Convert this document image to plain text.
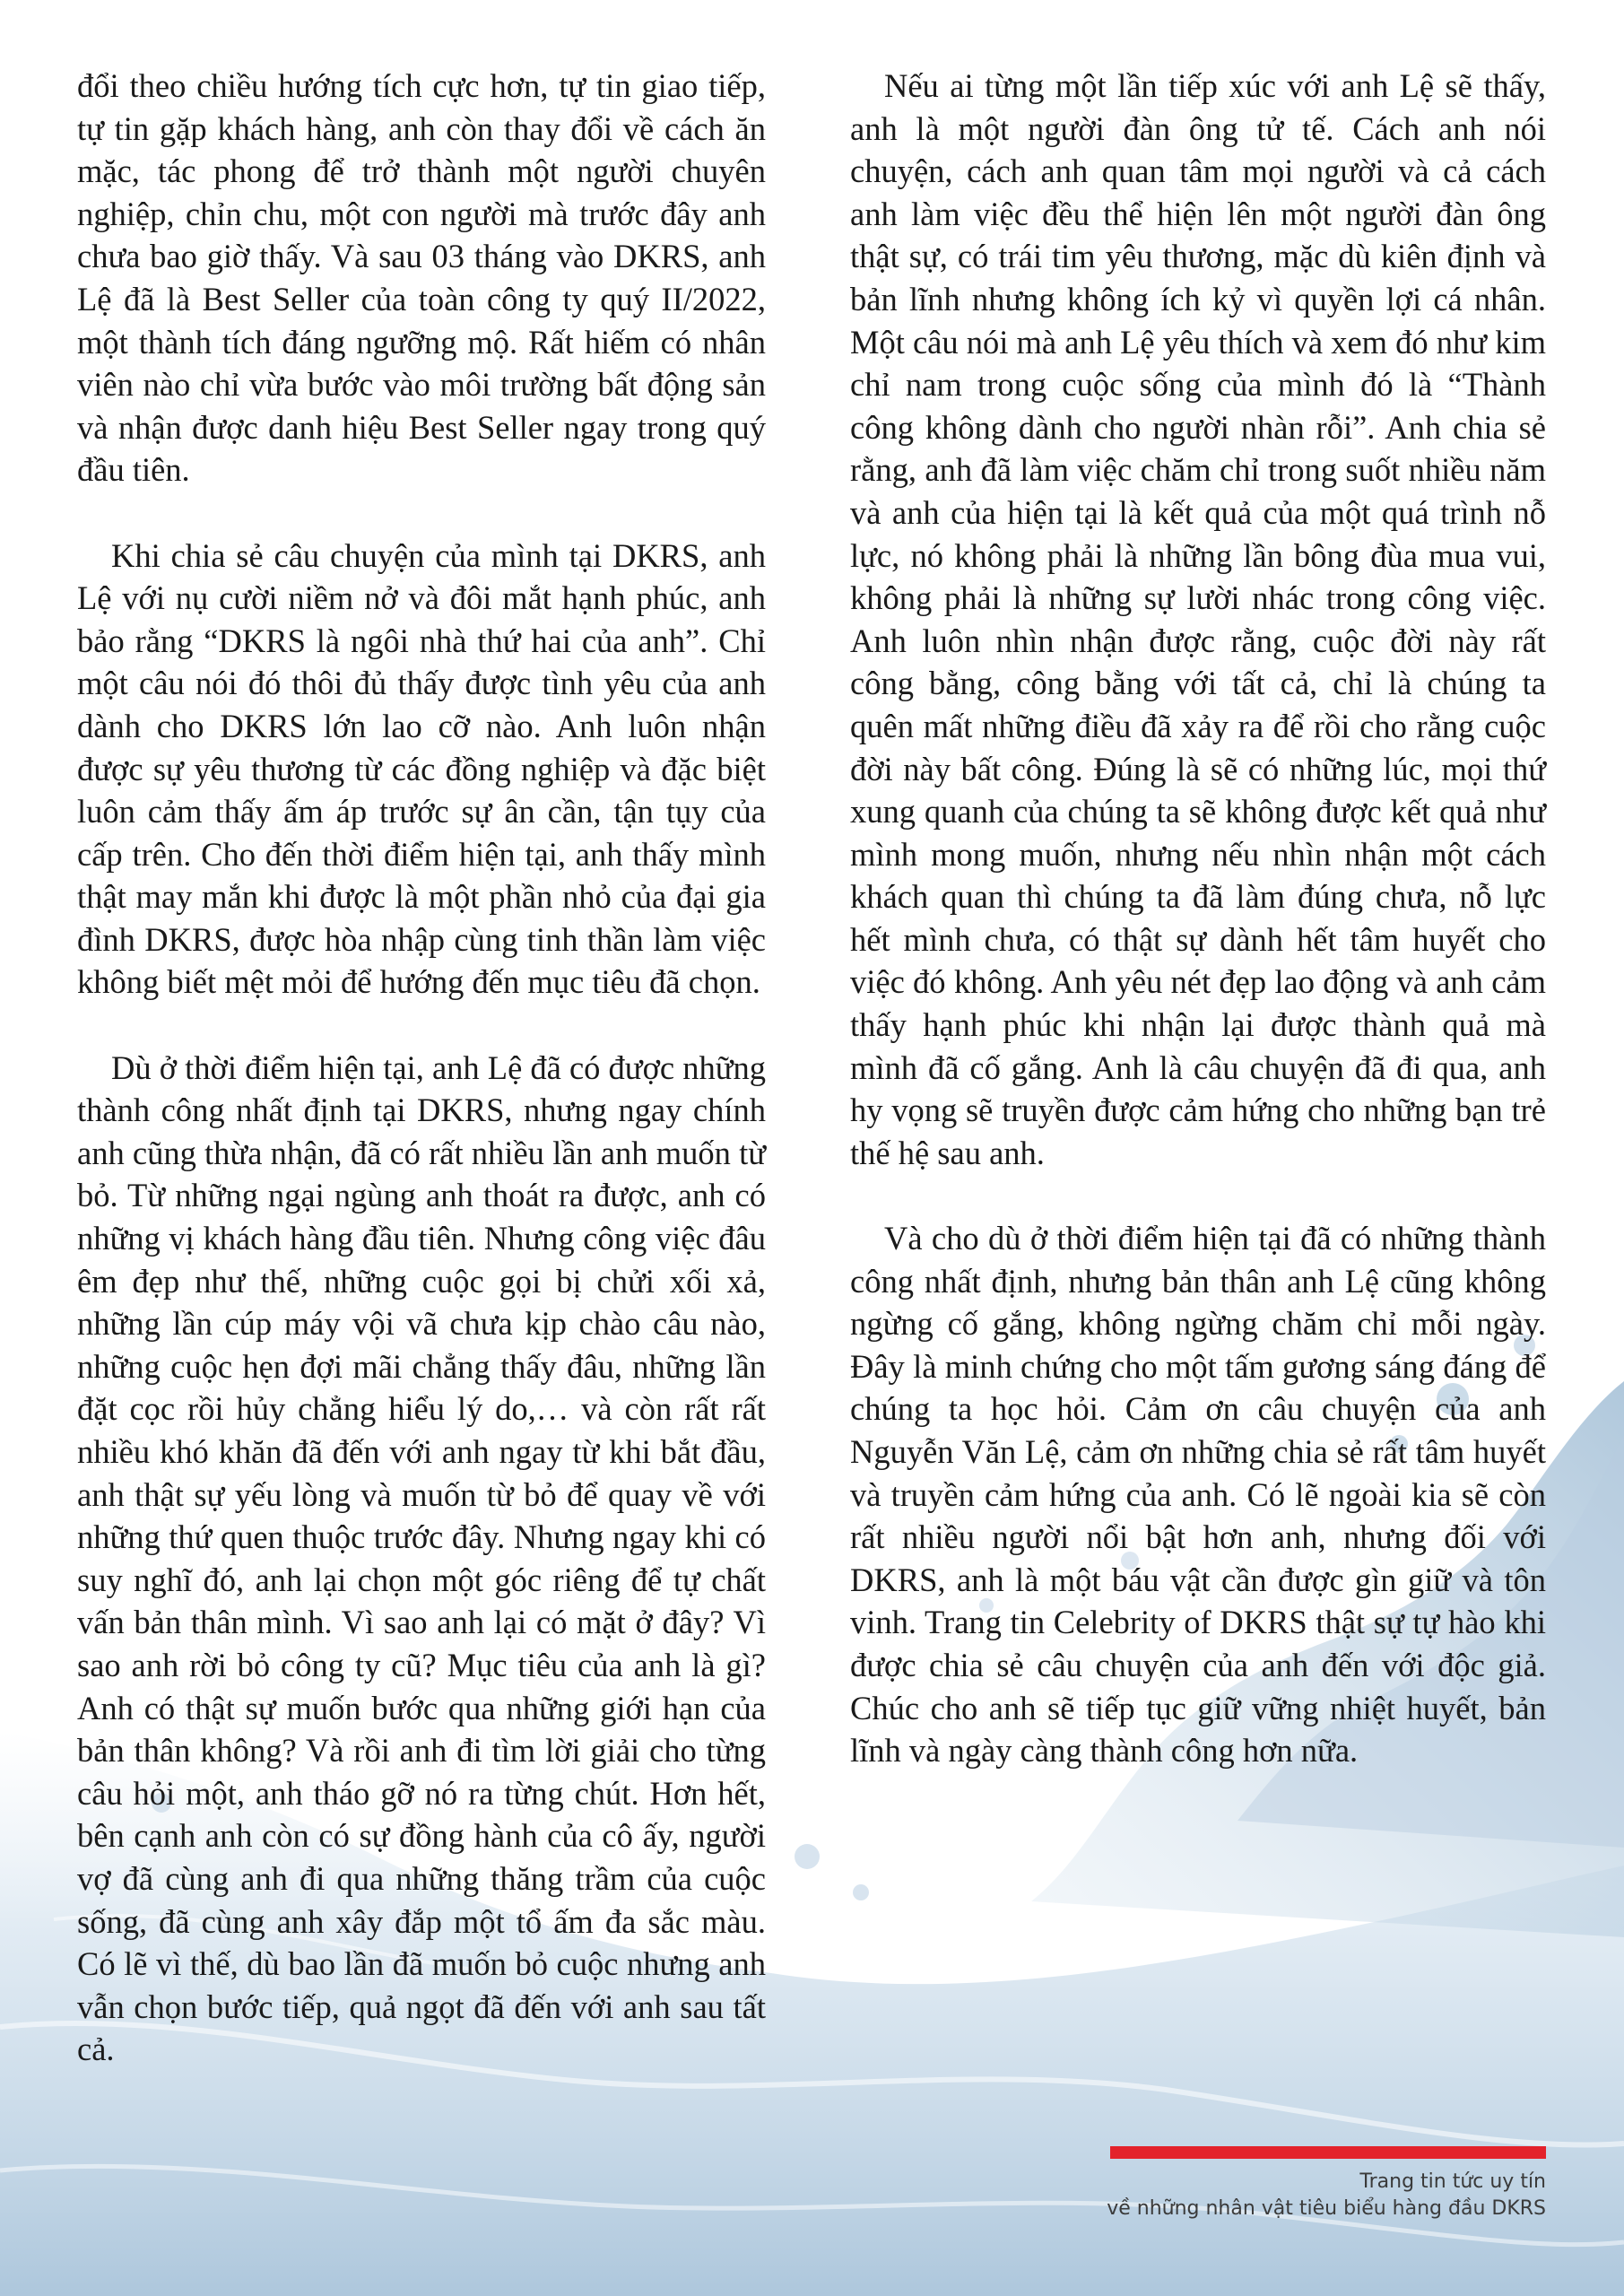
đổi theo chiều hướng tích cực hơn, tự tin giao tiếp, tự tin gặp khách hàng, anh còn thay đổi về cách ăn mặc, tác phong để trở thành một người chuyên nghiệp, chỉn chu, một con người mà trước đây anh chưa bao giờ thấy. Và sau 03 tháng vào DKRS, anh Lệ đã là Best Seller của toàn công ty quý II/2022, một thành tích đáng ngưỡng mộ. Rất hiếm có nhân viên nào chỉ vừa bước vào môi trường bất động sản và nhận được danh hiệu Best Seller ngay trong quý đầu tiên.

Khi chia sẻ câu chuyện của mình tại DKRS, anh Lệ với nụ cười niềm nở và đôi mắt hạnh phúc, anh bảo rằng “DKRS là ngôi nhà thứ hai của anh”. Chỉ một câu nói đó thôi đủ thấy được tình yêu của anh dành cho DKRS lớn lao cỡ nào. Anh luôn nhận được sự yêu thương từ các đồng nghiệp và đặc biệt luôn cảm thấy ấm áp trước sự ân cần, tận tụy của cấp trên. Cho đến thời điểm hiện tại, anh thấy mình thật may mắn khi được là một phần nhỏ của đại gia đình DKRS, được hòa nhập cùng tinh thần làm việc không biết mệt mỏi để hướng đến mục tiêu đã chọn.

Dù ở thời điểm hiện tại, anh Lệ đã có được những thành công nhất định tại DKRS, nhưng ngay chính anh cũng thừa nhận, đã có rất nhiều lần anh muốn từ bỏ. Từ những ngại ngùng anh thoát ra được, anh có những vị khách hàng đầu tiên. Nhưng công việc đâu êm đẹp như thế, những cuộc gọi bị chửi xối xả, những lần cúp máy vội vã chưa kịp chào câu nào, những cuộc hẹn đợi mãi chẳng thấy đâu, những lần đặt cọc rồi hủy chẳng hiểu lý do,… và còn rất rất nhiều khó khăn đã đến với anh ngay từ khi bắt đầu, anh thật sự yếu lòng và muốn từ bỏ để quay về với những thứ quen thuộc trước đây. Nhưng ngay khi có suy nghĩ đó, anh lại chọn một góc riêng để tự chất vấn bản thân mình. Vì sao anh lại có mặt ở đây? Vì sao anh rời bỏ công ty cũ? Mục tiêu của anh là gì? Anh có thật sự muốn bước qua những giới hạn của bản thân không? Và rồi anh đi tìm lời giải cho từng câu hỏi một, anh tháo gỡ nó ra từng chút. Hơn hết, bên cạnh anh còn có sự đồng hành của cô ấy, người vợ đã cùng anh đi qua những thăng trầm của cuộc sống, đã cùng anh xây đắp một tổ ấm đa sắc màu. Có lẽ vì thế, dù bao lần đã muốn bỏ cuộc nhưng anh vẫn chọn bước tiếp, quả ngọt đã đến với anh sau tất cả.

Nếu ai từng một lần tiếp xúc với anh Lệ sẽ thấy, anh là một người đàn ông tử tế. Cách anh nói chuyện, cách anh quan tâm mọi người và cả cách anh làm việc đều thể hiện lên một người đàn ông thật sự, có trái tim yêu thương, mặc dù kiên định và bản lĩnh nhưng không ích kỷ vì quyền lợi cá nhân. Một câu nói mà anh Lệ yêu thích và xem đó như kim chỉ nam trong cuộc sống của mình đó là “Thành công không dành cho người nhàn rỗi”. Anh chia sẻ rằng, anh đã làm việc chăm chỉ trong suốt nhiều năm và anh của hiện tại là kết quả của một quá trình nỗ lực, nó không phải là những lần bông đùa mua vui, không phải là những sự lười nhác trong công việc. Anh luôn nhìn nhận được rằng, cuộc đời này rất công bằng, công bằng với tất cả, chỉ là chúng ta quên mất những điều đã xảy ra để rồi cho rằng cuộc đời này bất công. Đúng là sẽ có những lúc, mọi thứ xung quanh của chúng ta sẽ không được kết quả như mình mong muốn, nhưng nếu nhìn nhận một cách khách quan thì chúng ta đã làm đúng chưa, nỗ lực hết mình chưa, có thật sự dành hết tâm huyết cho việc đó không. Anh yêu nét đẹp lao động và anh cảm thấy hạnh phúc khi nhận lại được thành quả mà mình đã cố gắng. Anh là câu chuyện đã đi qua, anh hy vọng sẽ truyền được cảm hứng cho những bạn trẻ thế hệ sau anh.

Và cho dù ở thời điểm hiện tại đã có những thành công nhất định, nhưng bản thân anh Lệ cũng không ngừng cố gắng, không ngừng chăm chỉ mỗi ngày. Đây là minh chứng cho một tấm gương sáng đáng để chúng ta học hỏi. Cảm ơn câu chuyện của anh Nguyễn Văn Lệ, cảm ơn những chia sẻ rất tâm huyết và truyền cảm hứng của anh. Có lẽ ngoài kia sẽ còn rất nhiều người nổi bật hơn anh, nhưng đối với DKRS, anh là một báu vật cần được gìn giữ và tôn vinh. Trang tin Celebrity of DKRS thật sự tự hào khi được chia sẻ câu chuyện của anh đến với độc giả. Chúc cho anh sẽ tiếp tục giữ vững nhiệt huyết, bản lĩnh và ngày càng thành công hơn nữa.

Trang tin tức uy tín
về những nhân vật tiêu biểu hàng đầu DKRS
